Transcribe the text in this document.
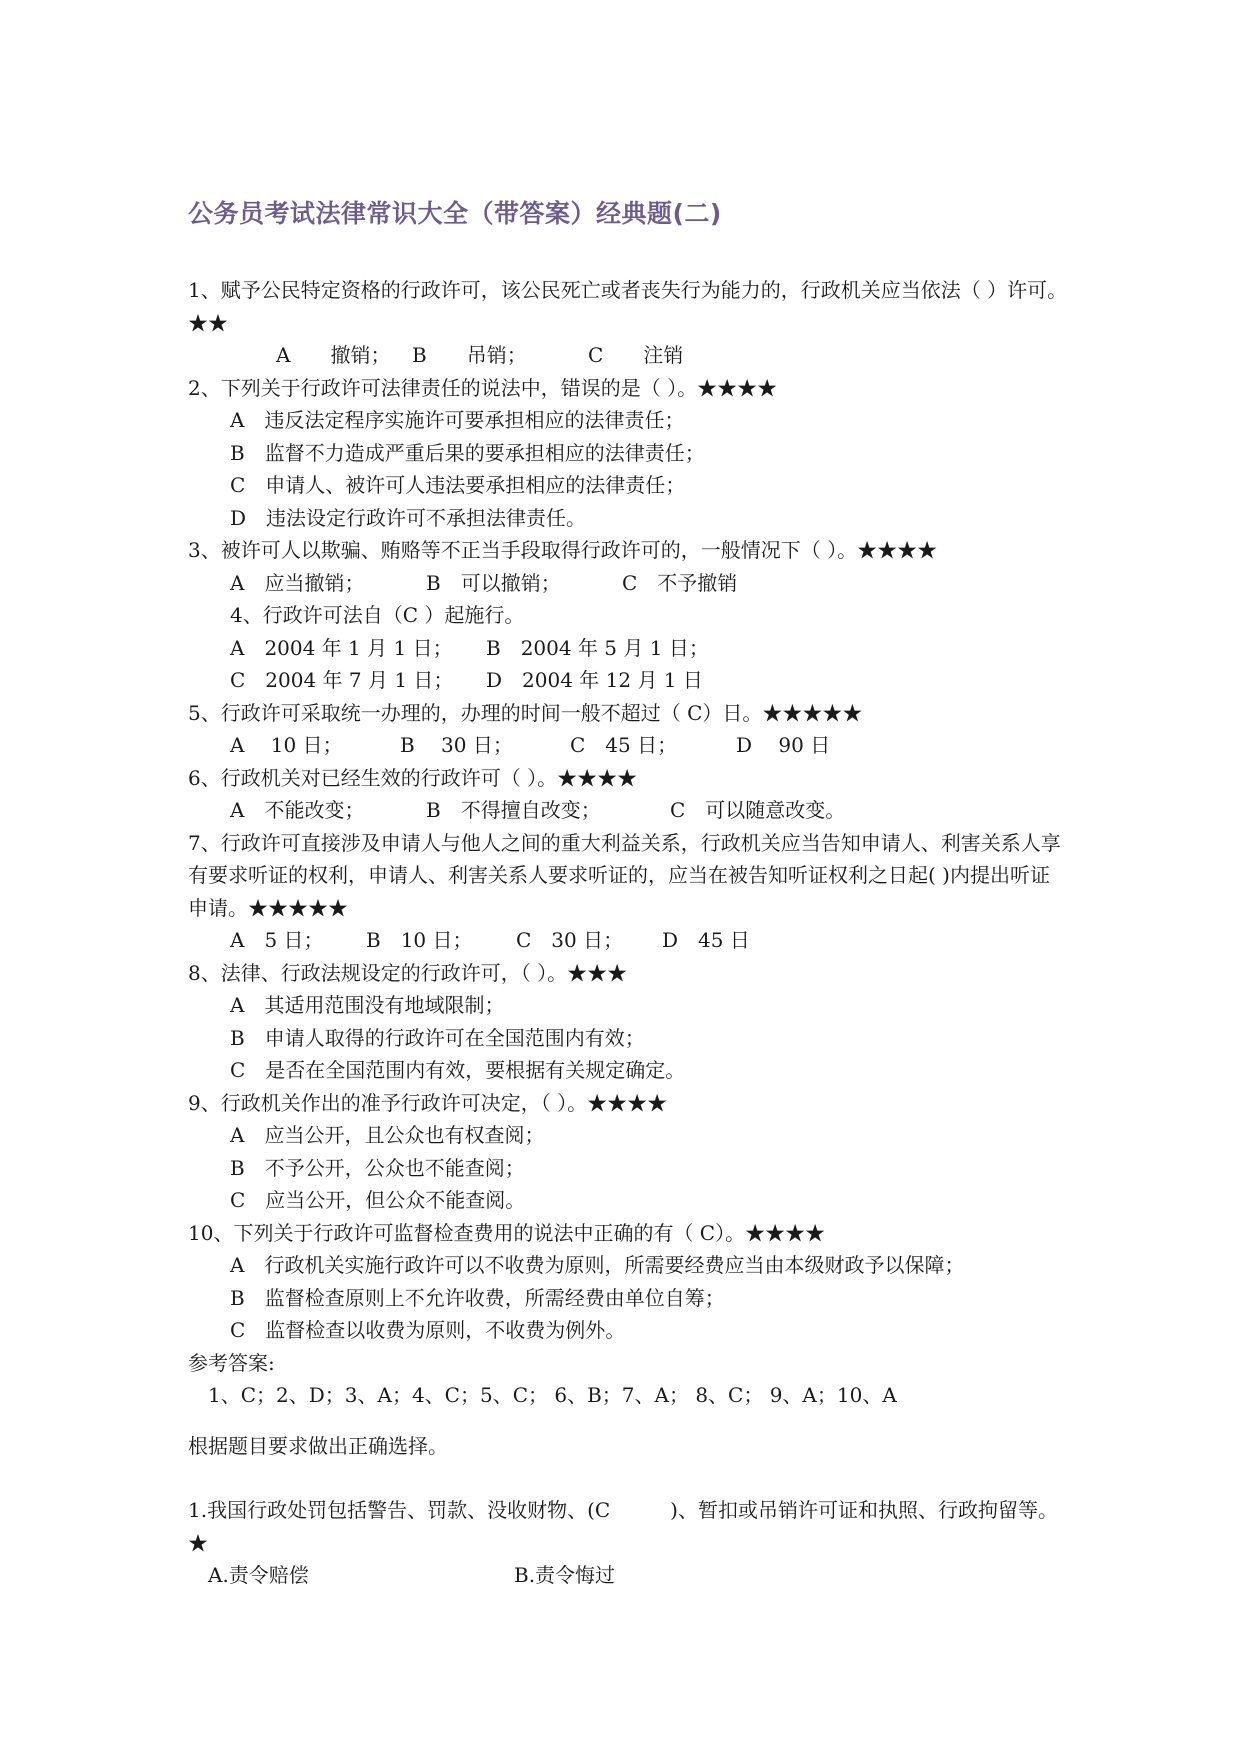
公务员考试法律常识大全（带答案）经典题(二)
1、赋予公民特定资格的行政许可，该公民死亡或者丧失行为能力的，行政机关应当依法（ ）许可。★★
A　　撤销； B　　吊销；	C　　注销
2、下列关于行政许可法律责任的说法中，错误的是（ ）。★★★★
A　违反法定程序实施许可要承担相应的法律责任；
B　监督不力造成严重后果的要承担相应的法律责任；
C　申请人、被许可人违法要承担相应的法律责任；
D　违法设定行政许可不承担法律责任。
3、被许可人以欺骗、贿赂等不正当手段取得行政许可的，一般情况下（ ）。★★★★
A　应当撤销；	B　可以撤销；	C　不予撤销
4、行政许可法自（C ）起施行。
A　2004 年 1 月 1 日； B　2004 年 5 月 1 日；
C　2004 年 7 月 1 日； D　2004 年 12 月 1 日
5、行政许可采取统一办理的，办理的时间一般不超过（ C）日。★★★★★
A　 10 日；	B　 30 日；	C　45 日；	D　 90 日
6、行政机关对已经生效的行政许可（ ）。★★★★
A　不能改变；	B　不得擅自改变；	C　可以随意改变。
7、行政许可直接涉及申请人与他人之间的重大利益关系，行政机关应当告知申请人、利害关系人享有要求听证的权利，申请人、利害关系人要求听证的，应当在被告知听证权利之日起( )内提出听证申请。★★★★★
A　5 日； B　10 日； C　30 日； D　45 日
8、法律、行政法规设定的行政许可，（ ）。★★★
A　其适用范围没有地域限制；
B　申请人取得的行政许可在全国范围内有效；
C　是否在全国范围内有效，要根据有关规定确定。
9、行政机关作出的准予行政许可决定，（ ）。★★★★
A　应当公开，且公众也有权查阅；
B　不予公开，公众也不能查阅；
C　应当公开，但公众不能查阅。
10、下列关于行政许可监督检查费用的说法中正确的有（ C）。★★★★
A　行政机关实施行政许可以不收费为原则，所需要经费应当由本级财政予以保障；
B　监督检查原则上不允许收费，所需经费由单位自筹；
C　监督检查以收费为原则，不收费为例外。
参考答案:
1、C；2、D；3、A；4、C；5、C； 6、B；7、A； 8、C； 9、A；10、A
根据题目要求做出正确选择。
1.我国行政处罚包括警告、罚款、没收财物、(C　　　)、暂扣或吊销许可证和执照、行政拘留等。★
A.责令赔偿	B.责令悔过
